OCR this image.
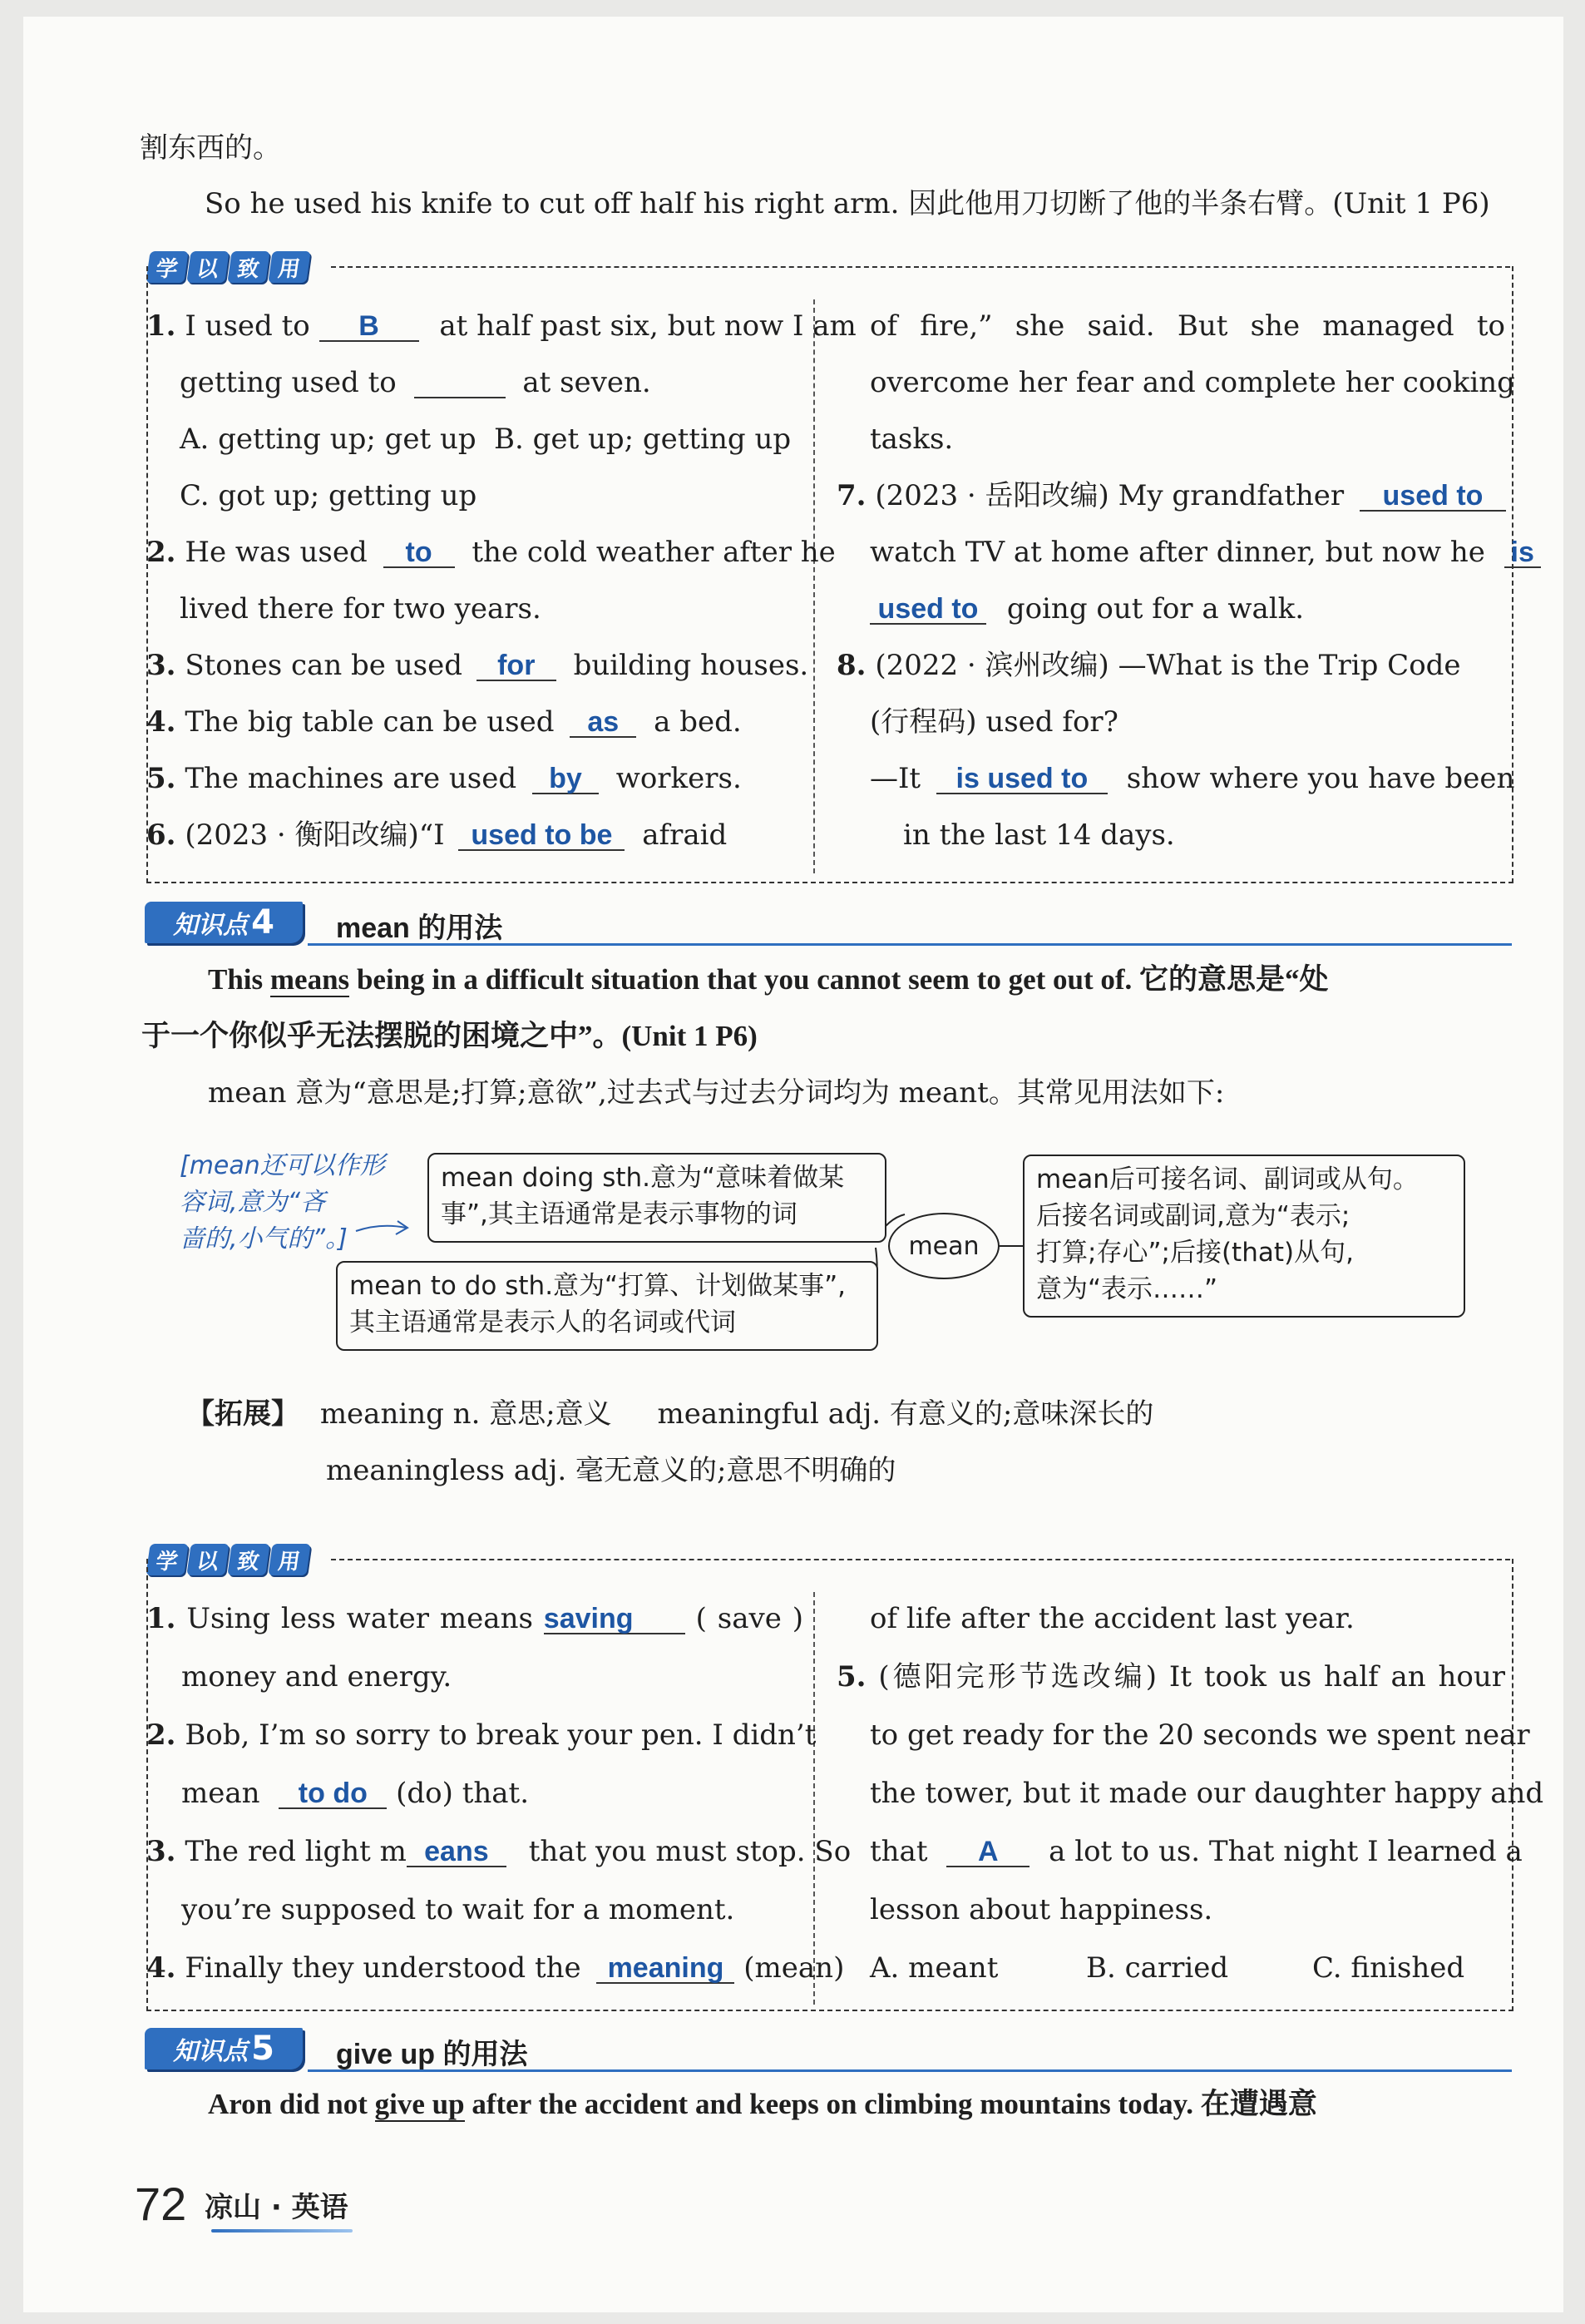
割东西的。
So he used his knife to cut off half his right arm. 因此他用刀切断了他的半条右臂。(Unit 1 P6)
学 以 致 用
1. I used to B at half past six, but now I am
getting used to	at seven.
A. getting up; get up B. get up; getting up
C. got up; getting up
2. He was used to the cold weather after he
lived there for two years.
3. Stones can be used for building houses.
4. The big table can be used as a bed.
5. The machines are used by workers.
6. (2023 · 衡阳改编)“I used to be afraid
of fire,” she said. But she managed to
overcome her fear and complete her cooking
tasks.
7. (2023 · 岳阳改编) My grandfather used to
watch TV at home after dinner, but now he is
used to going out for a walk.
8. (2022 · 滨州改编) —What is the Trip Code
(行程码) used for?
—It is used to show where you have been
in the last 14 days.
知识点 4 mean 的用法
This means being in a difficult situation that you cannot seem to get out of. 它的意思是“处
于一个你似乎无法摆脱的困境之中”。(Unit 1 P6)
mean 意为“意思是;打算;意欲”,过去式与过去分词均为 meant。其常见用法如下:
[mean还可以作形
容词,意为“吝
啬的,小气的”。]
mean doing sth.意为“意味着做某
事”,其主语通常是表示事物的词
mean to do sth.意为“打算、计划做某事”,
其主语通常是表示人的名词或代词
mean
mean后可接名词、副词或从句。
后接名词或副词,意为“表示;
打算;存心”;后接(that)从句,
意为“表示……”
【拓展】 meaning n. 意思;意义 meaningful adj. 有意义的;意味深长的
meaningless adj. 毫无意义的;意思不明确的
学 以 致 用
1. Using less water means saving ( save )
money and energy.
2. Bob, I’m so sorry to break your pen. I didn’t
mean to do (do) that.
3. The red light m eans that you must stop. So
you’re supposed to wait for a moment.
4. Finally they understood the meaning (mean)
of life after the accident last year.
5. (德阳完形节选改编) It took us half an hour
to get ready for the 20 seconds we spent near
the tower, but it made our daughter happy and
that A a lot to us. That night I learned a
lesson about happiness.
A. meant	B. carried	C. finished
知识点 5 give up 的用法
Aron did not give up after the accident and keeps on climbing mountains today. 在遭遇意
72 凉山 · 英语
